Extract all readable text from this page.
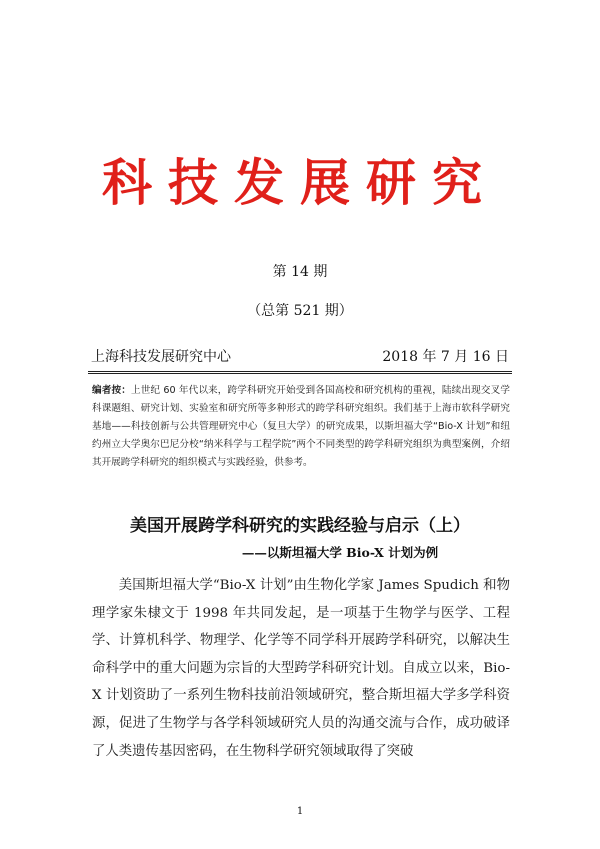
科技发展研究
第 14 期
（总第 521 期）
上海科技发展研究中心	2018 年 7 月 16 日
编者按：上世纪 60 年代以来，跨学科研究开始受到各国高校和研究机构的重视，陆续出现交叉学科课题组、研究计划、实验室和研究所等多种形式的跨学科研究组织。我们基于上海市软科学研究基地——科技创新与公共管理研究中心（复旦大学）的研究成果，以斯坦福大学“Bio-X 计划”和纽约州立大学奥尔巴尼分校“纳米科学与工程学院”两个不同类型的跨学科研究组织为典型案例，介绍其开展跨学科研究的组织模式与实践经验，供参考。
美国开展跨学科研究的实践经验与启示（上）
——以斯坦福大学 Bio-X 计划为例
美国斯坦福大学“Bio-X 计划”由生物化学家 James Spudich 和物理学家朱棣文于 1998 年共同发起，是一项基于生物学与医学、工程学、计算机科学、物理学、化学等不同学科开展跨学科研究，以解决生命科学中的重大问题为宗旨的大型跨学科研究计划。自成立以来，Bio-X 计划资助了一系列生物科技前沿领域研究，整合斯坦福大学多学科资源，促进了生物学与各学科领域研究人员的沟通交流与合作，成功破译了人类遗传基因密码，在生物科学研究领域取得了突破
1
